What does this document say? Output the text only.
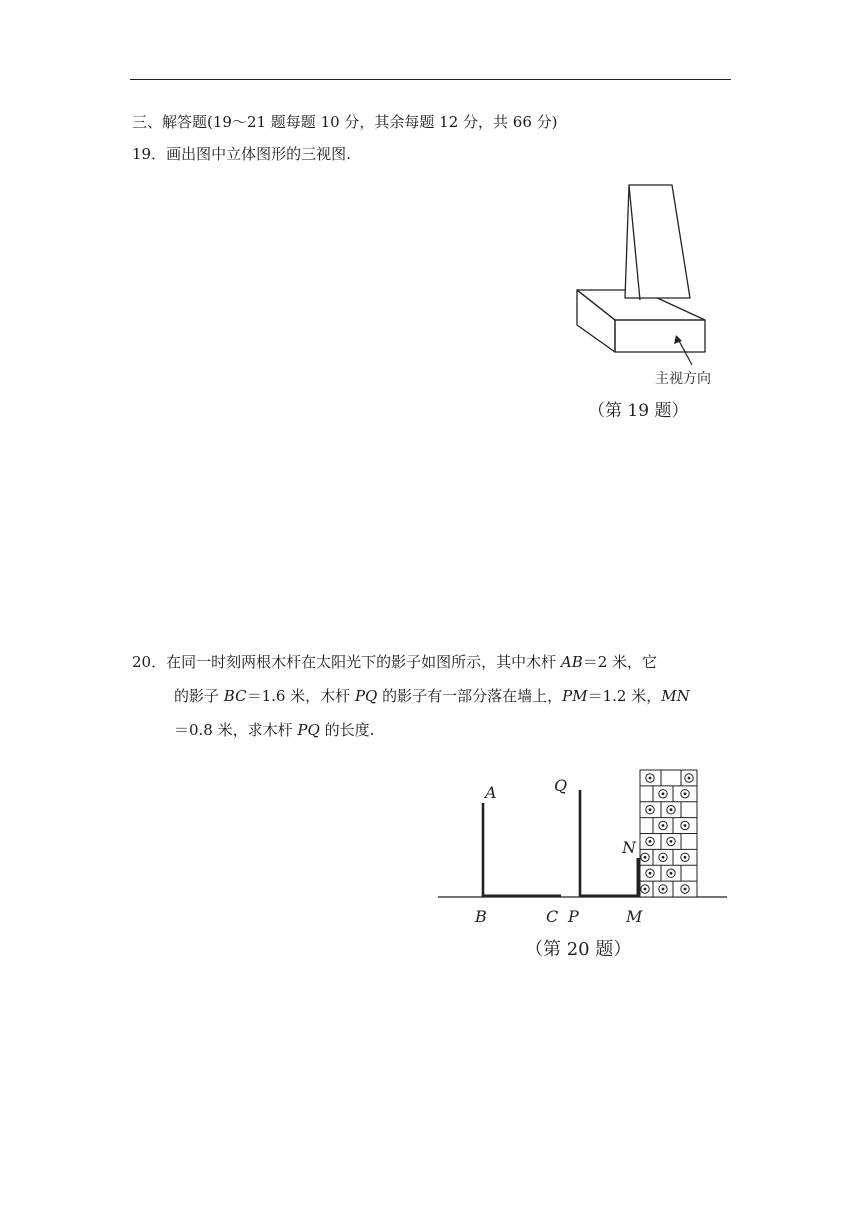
三、解答题(19～21 题每题 10 分，其余每题 12 分，共 66 分)
19．画出图中立体图形的三视图.
主视方向
（第 19 题）
20．在同一时刻两根木杆在太阳光下的影子如图所示，其中木杆 AB＝2 米，它
的影子 BC＝1.6 米，木杆 PQ 的影子有一部分落在墙上，PM＝1.2 米，MN
＝0.8 米，求木杆 PQ 的长度.
A	Q
N
B	C P	M
（第 20 题）
